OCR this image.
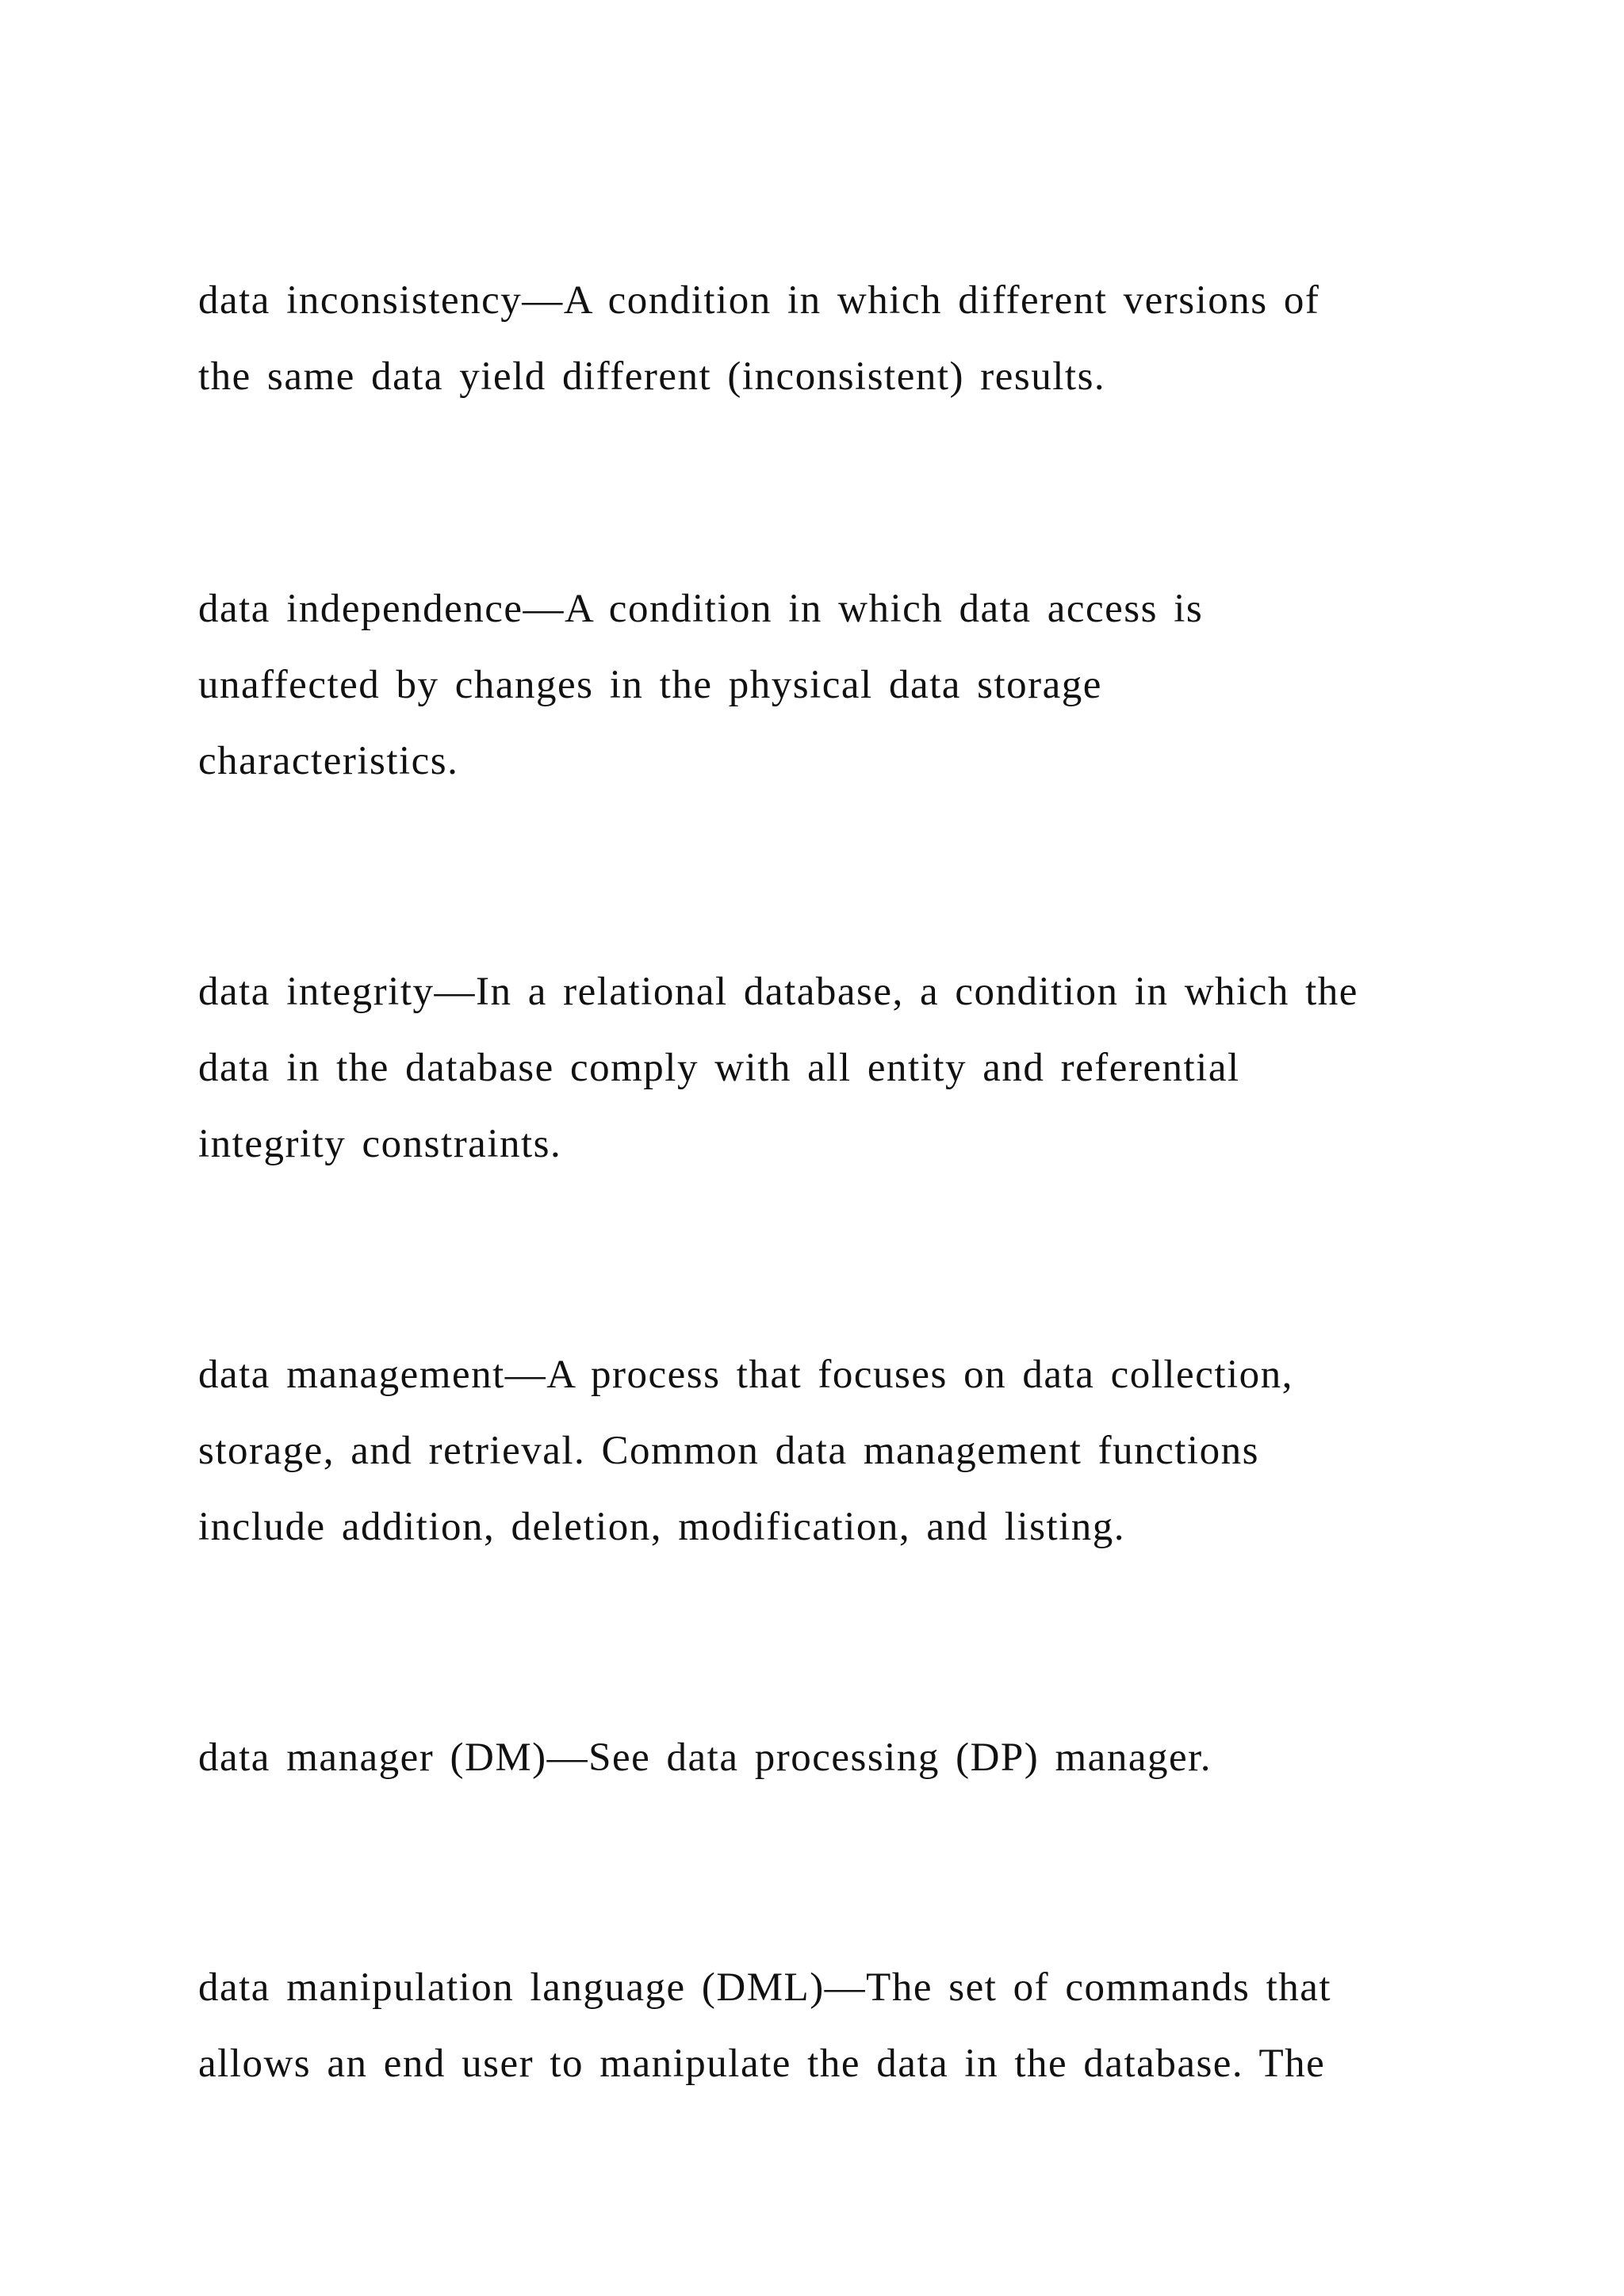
data inconsistency—A condition in which different versions of
the same data yield different (inconsistent) results.
data independence—A condition in which data access is
unaffected by changes in the physical data storage
characteristics.
data integrity—In a relational database, a condition in which the
data in the database comply with all entity and referential
integrity constraints.
data management—A process that focuses on data collection,
storage, and retrieval. Common data management functions
include addition, deletion, modification, and listing.
data manager (DM)—See data processing (DP) manager.
data manipulation language (DML)—The set of commands that
allows an end user to manipulate the data in the database. The
